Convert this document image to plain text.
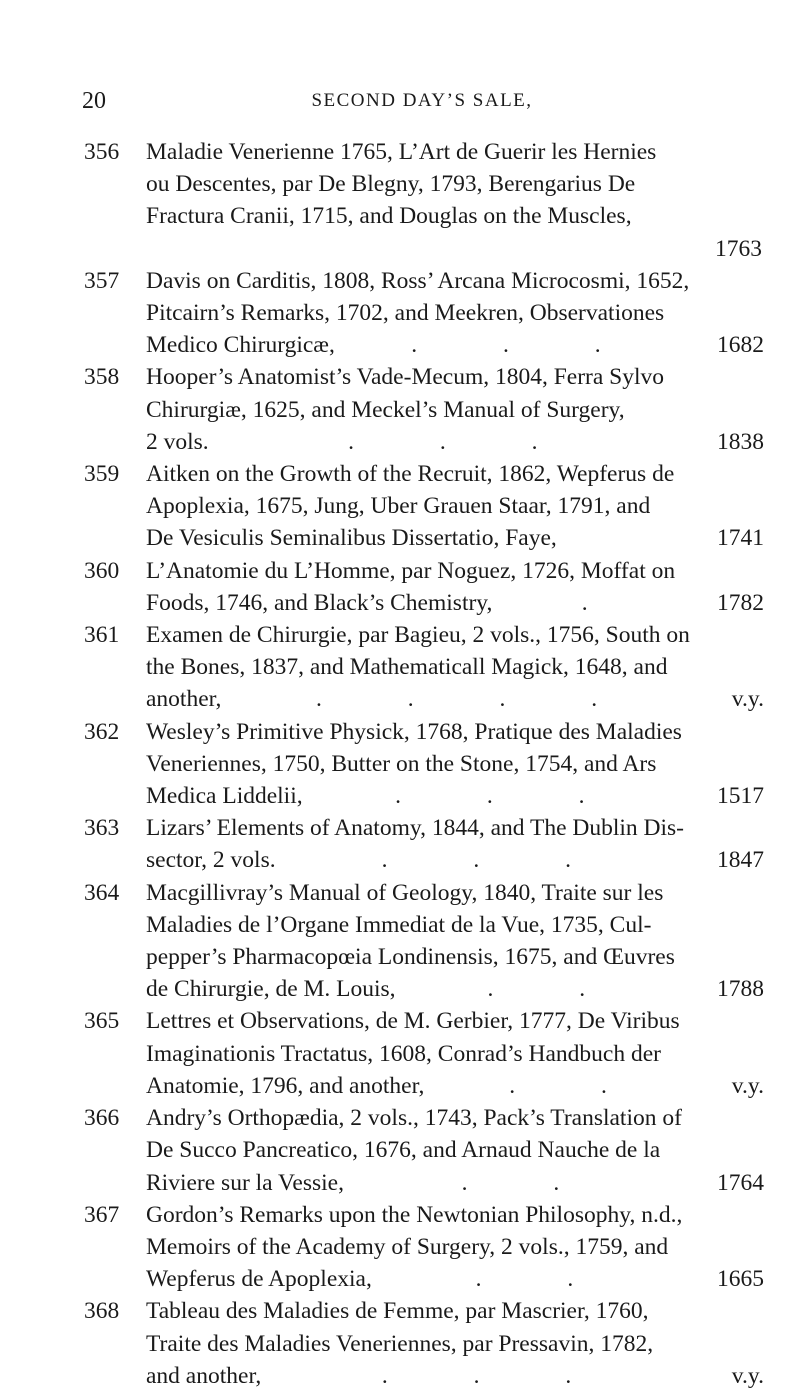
20	SECOND DAY’S SALE,
356	Maladie Venerienne 1765, L’Art de Guerir les Hernies
ou Descentes, par De Blegny, 1793, Berengarius De
Fractura Cranii, 1715, and Douglas on the Muscles,
1763
357	Davis on Carditis, 1808, Ross’ Arcana Microcosmi, 1652,
Pitcairn’s Remarks, 1702, and Meekren, Observationes
Medico Chirurgicæ,	. . .	1682
358	Hooper’s Anatomist’s Vade-Mecum, 1804, Ferra Sylvo
Chirurgiæ, 1625, and Meckel’s Manual of Surgery,
2 vols.	. . .	1838
359	Aitken on the Growth of the Recruit, 1862, Wepferus de
Apoplexia, 1675, Jung, Uber Grauen Staar, 1791, and
De Vesiculis Seminalibus Dissertatio, Faye,	1741
360	L’Anatomie du L’Homme, par Noguez, 1726, Moffat on
Foods, 1746, and Black’s Chemistry,	.	1782
361	Examen de Chirurgie, par Bagieu, 2 vols., 1756, South on
the Bones, 1837, and Mathematicall Magick, 1648, and
another,	. . . .	v.y.
362	Wesley’s Primitive Physick, 1768, Pratique des Maladies
Veneriennes, 1750, Butter on the Stone, 1754, and Ars
Medica Liddelii,	. . .	1517
363	Lizars’ Elements of Anatomy, 1844, and The Dublin Dis-
sector, 2 vols.	. . .	1847
364	Macgillivray’s Manual of Geology, 1840, Traite sur les
Maladies de l’Organe Immediat de la Vue, 1735, Cul-
pepper’s Pharmacopœia Londinensis, 1675, and Œuvres
de Chirurgie, de M. Louis,	. .	1788
365	Lettres et Observations, de M. Gerbier, 1777, De Viribus
Imaginationis Tractatus, 1608, Conrad’s Handbuch der
Anatomie, 1796, and another,	. .	v.y.
366	Andry’s Orthopædia, 2 vols., 1743, Pack’s Translation of
De Succo Pancreatico, 1676, and Arnaud Nauche de la
Riviere sur la Vessie,	. .	1764
367	Gordon’s Remarks upon the Newtonian Philosophy, n.d.,
Memoirs of the Academy of Surgery, 2 vols., 1759, and
Wepferus de Apoplexia,	. .	1665
368	Tableau des Maladies de Femme, par Mascrier, 1760,
Traite des Maladies Veneriennes, par Pressavin, 1782,
and another,	. . .	v.y.
